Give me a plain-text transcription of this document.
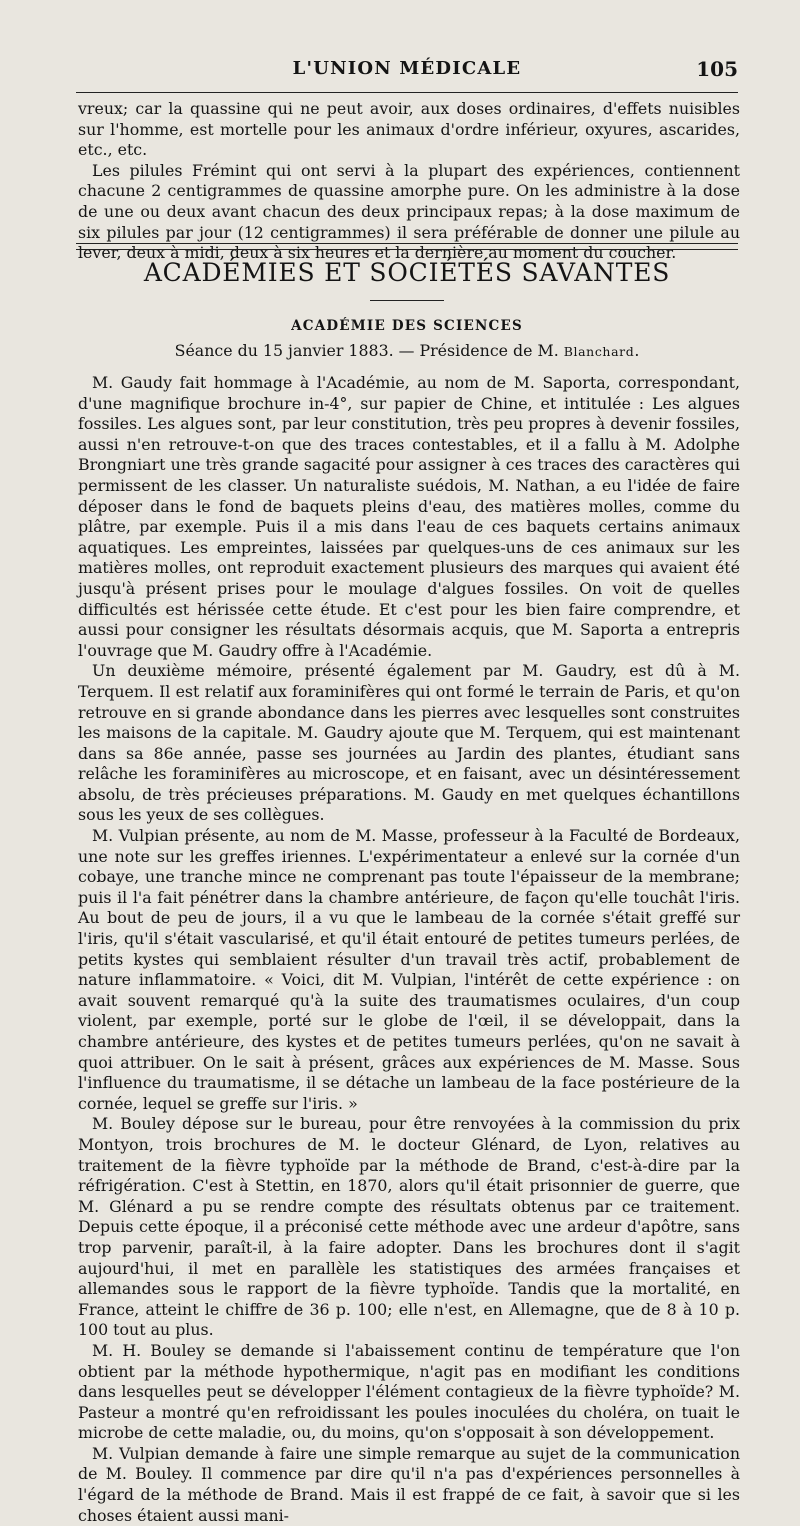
L'UNION MÉDICALE	105

vreux; car la quassine qui ne peut avoir, aux doses ordinaires, d'effets nuisibles sur l'homme, est mortelle pour les animaux d'ordre inférieur, oxyures, ascarides, etc., etc.

Les pilules Frémint qui ont servi à la plupart des expériences, contiennent chacune 2 centigrammes de quassine amorphe pure. On les administre à la dose de une ou deux avant chacun des deux principaux repas; à la dose maximum de six pilules par jour (12 centigrammes) il sera préférable de donner une pilule au lever, deux à midi, deux à six heures et la dernière au moment du coucher.

ACADÉMIES ET SOCIÉTÉS SAVANTES
ACADÉMIE DES SCIENCES
Séance du 15 janvier 1883. — Présidence de M. Blanchard.

M. Gaudy fait hommage à l'Académie, au nom de M. Saporta, correspondant, d'une magnifique brochure in-4°, sur papier de Chine, et intitulée : Les algues fossiles. Les algues sont, par leur constitution, très peu propres à devenir fossiles, aussi n'en retrouve-t-on que des traces contestables, et il a fallu à M. Adolphe Brongniart une très grande sagacité pour assigner à ces traces des caractères qui permissent de les classer. Un naturaliste suédois, M. Nathan, a eu l'idée de faire déposer dans le fond de baquets pleins d'eau, des matières molles, comme du plâtre, par exemple. Puis il a mis dans l'eau de ces baquets certains animaux aquatiques. Les empreintes, laissées par quelques-uns de ces animaux sur les matières molles, ont reproduit exactement plusieurs des marques qui avaient été jusqu'à présent prises pour le moulage d'algues fossiles. On voit de quelles difficultés est hérissée cette étude. Et c'est pour les bien faire comprendre, et aussi pour consigner les résultats désormais acquis, que M. Saporta a entrepris l'ouvrage que M. Gaudry offre à l'Académie.

Un deuxième mémoire, présenté également par M. Gaudry, est dû à M. Terquem. Il est relatif aux foraminifères qui ont formé le terrain de Paris, et qu'on retrouve en si grande abondance dans les pierres avec lesquelles sont construites les maisons de la capitale. M. Gaudry ajoute que M. Terquem, qui est maintenant dans sa 86e année, passe ses journées au Jardin des plantes, étudiant sans relâche les foraminifères au microscope, et en faisant, avec un désintéressement absolu, de très précieuses préparations. M. Gaudy en met quelques échantillons sous les yeux de ses collègues.

M. Vulpian présente, au nom de M. Masse, professeur à la Faculté de Bordeaux, une note sur les greffes iriennes. L'expérimentateur a enlevé sur la cornée d'un cobaye, une tranche mince ne comprenant pas toute l'épaisseur de la membrane; puis il l'a fait pénétrer dans la chambre antérieure, de façon qu'elle touchât l'iris. Au bout de peu de jours, il a vu que le lambeau de la cornée s'était greffé sur l'iris, qu'il s'était vascularisé, et qu'il était entouré de petites tumeurs perlées, de petits kystes qui semblaient résulter d'un travail très actif, probablement de nature inflammatoire. « Voici, dit M. Vulpian, l'intérêt de cette expérience : on avait souvent remarqué qu'à la suite des traumatismes oculaires, d'un coup violent, par exemple, porté sur le globe de l'œil, il se développait, dans la chambre antérieure, des kystes et de petites tumeurs perlées, qu'on ne savait à quoi attribuer. On le sait à présent, grâces aux expériences de M. Masse. Sous l'influence du traumatisme, il se détache un lambeau de la face postérieure de la cornée, lequel se greffe sur l'iris. »

M. Bouley dépose sur le bureau, pour être renvoyées à la commission du prix Montyon, trois brochures de M. le docteur Glénard, de Lyon, relatives au traitement de la fièvre typhoïde par la méthode de Brand, c'est-à-dire par la réfrigération. C'est à Stettin, en 1870, alors qu'il était prisonnier de guerre, que M. Glénard a pu se rendre compte des résultats obtenus par ce traitement. Depuis cette époque, il a préconisé cette méthode avec une ardeur d'apôtre, sans trop parvenir, paraît-il, à la faire adopter. Dans les brochures dont il s'agit aujourd'hui, il met en parallèle les statistiques des armées françaises et allemandes sous le rapport de la fièvre typhoïde. Tandis que la mortalité, en France, atteint le chiffre de 36 p. 100; elle n'est, en Allemagne, que de 8 à 10 p. 100 tout au plus.

M. H. Bouley se demande si l'abaissement continu de température que l'on obtient par la méthode hypothermique, n'agit pas en modifiant les conditions dans lesquelles peut se développer l'élément contagieux de la fièvre typhoïde? M. Pasteur a montré qu'en refroidissant les poules inoculées du choléra, on tuait le microbe de cette maladie, ou, du moins, qu'on s'opposait à son développement.

M. Vulpian demande à faire une simple remarque au sujet de la communication de M. Bouley. Il commence par dire qu'il n'a pas d'expériences personnelles à l'égard de la méthode de Brand. Mais il est frappé de ce fait, à savoir que si les choses étaient aussi mani-
